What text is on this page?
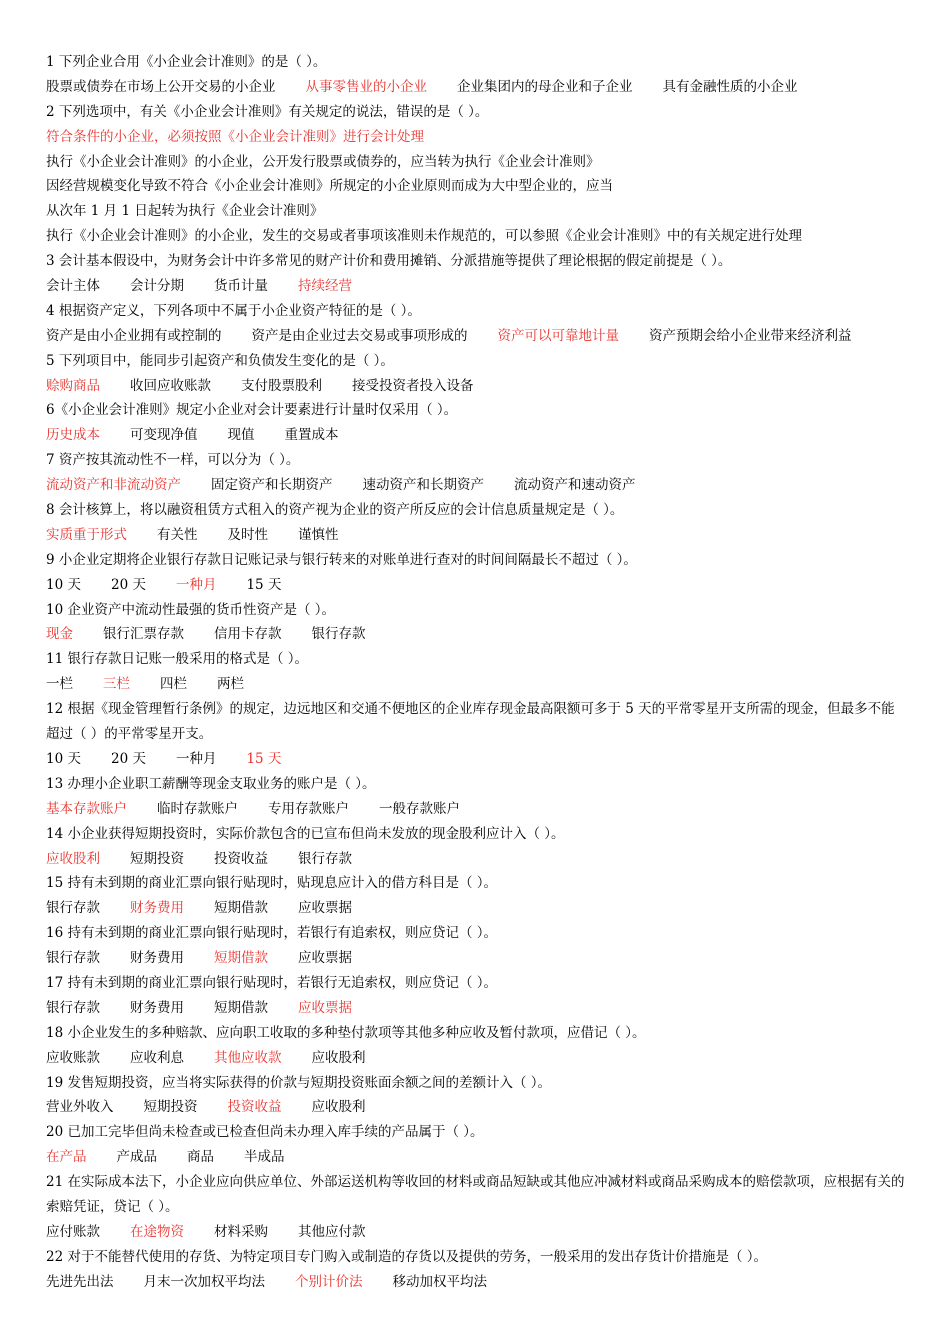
1 下列企业合用《小企业会计准则》的是（ ）。
股票或债券在市场上公开交易的小企业 从事零售业的小企业 企业集团内的母企业和子企业 具有金融性质的小企业
2 下列选项中，有关《小企业会计准则》有关规定的说法，错误的是（ ）。
符合条件的小企业，必须按照《小企业会计准则》进行会计处理
执行《小企业会计准则》的小企业，公开发行股票或债券的，应当转为执行《企业会计准则》
因经营规模变化导致不符合《小企业会计准则》所规定的小企业原则而成为大中型企业的，应当
从次年 1 月 1 日起转为执行《企业会计准则》
执行《小企业会计准则》的小企业，发生的交易或者事项该准则未作规范的，可以参照《企业会计准则》中的有关规定进行处理
3 会计基本假设中，为财务会计中许多常见的财产计价和费用摊销、分派措施等提供了理论根据的假定前提是（ ）。
会计主体 会计分期 货币计量 持续经营
4 根据资产定义，下列各项中不属于小企业资产特征的是（ ）。
资产是由小企业拥有或控制的 资产是由企业过去交易或事项形成的 资产可以可靠地计量 资产预期会给小企业带来经济利益
5 下列项目中，能同步引起资产和负债发生变化的是（ ）。
赊购商品 收回应收账款 支付股票股利 接受投资者投入设备
6《小企业会计准则》规定小企业对会计要素进行计量时仅采用（ ）。
历史成本 可变现净值 现值 重置成本
7 资产按其流动性不一样，可以分为（ ）。
流动资产和非流动资产 固定资产和长期资产 速动资产和长期资产 流动资产和速动资产
8 会计核算上，将以融资租赁方式租入的资产视为企业的资产所反应的会计信息质量规定是（ ）。
实质重于形式 有关性 及时性 谨慎性
9 小企业定期将企业银行存款日记账记录与银行转来的对账单进行查对的时间间隔最长不超过（ ）。
10 天 20 天 一种月 15 天
10 企业资产中流动性最强的货币性资产是（ ）。
现金 银行汇票存款 信用卡存款 银行存款
11 银行存款日记账一般采用的格式是（ ）。
一栏 三栏 四栏 两栏
12 根据《现金管理暂行条例》的规定，边远地区和交通不便地区的企业库存现金最高限额可多于 5 天的平常零星开支所需的现金，但最多不能超过（ ）的平常零星开支。
10 天 20 天 一种月 15 天
13 办理小企业职工薪酬等现金支取业务的账户是（ ）。
基本存款账户 临时存款账户 专用存款账户 一般存款账户
14 小企业获得短期投资时，实际价款包含的已宣布但尚未发放的现金股利应计入（ ）。
应收股利 短期投资 投资收益 银行存款
15 持有未到期的商业汇票向银行贴现时，贴现息应计入的借方科目是（ ）。
银行存款 财务费用 短期借款 应收票据
16 持有未到期的商业汇票向银行贴现时，若银行有追索权，则应贷记（ ）。
银行存款 财务费用 短期借款 应收票据
17 持有未到期的商业汇票向银行贴现时，若银行无追索权，则应贷记（ ）。
银行存款 财务费用 短期借款 应收票据
18 小企业发生的多种赔款、应向职工收取的多种垫付款项等其他多种应收及暂付款项，应借记（ ）。
应收账款 应收利息 其他应收款 应收股利
19 发售短期投资，应当将实际获得的价款与短期投资账面余额之间的差额计入（ ）。
营业外收入 短期投资 投资收益 应收股利
20 已加工完毕但尚未检查或已检查但尚未办理入库手续的产品属于（ ）。
在产品 产成品 商品 半成品
21 在实际成本法下，小企业应向供应单位、外部运送机构等收回的材料或商品短缺或其他应冲减材料或商品采购成本的赔偿款项，应根据有关的索赔凭证，贷记（ ）。
应付账款 在途物资 材料采购 其他应付款
22 对于不能替代使用的存货、为特定项目专门购入或制造的存货以及提供的劳务，一般采用的发出存货计价措施是（ ）。
先进先出法 月末一次加权平均法 个别计价法 移动加权平均法
